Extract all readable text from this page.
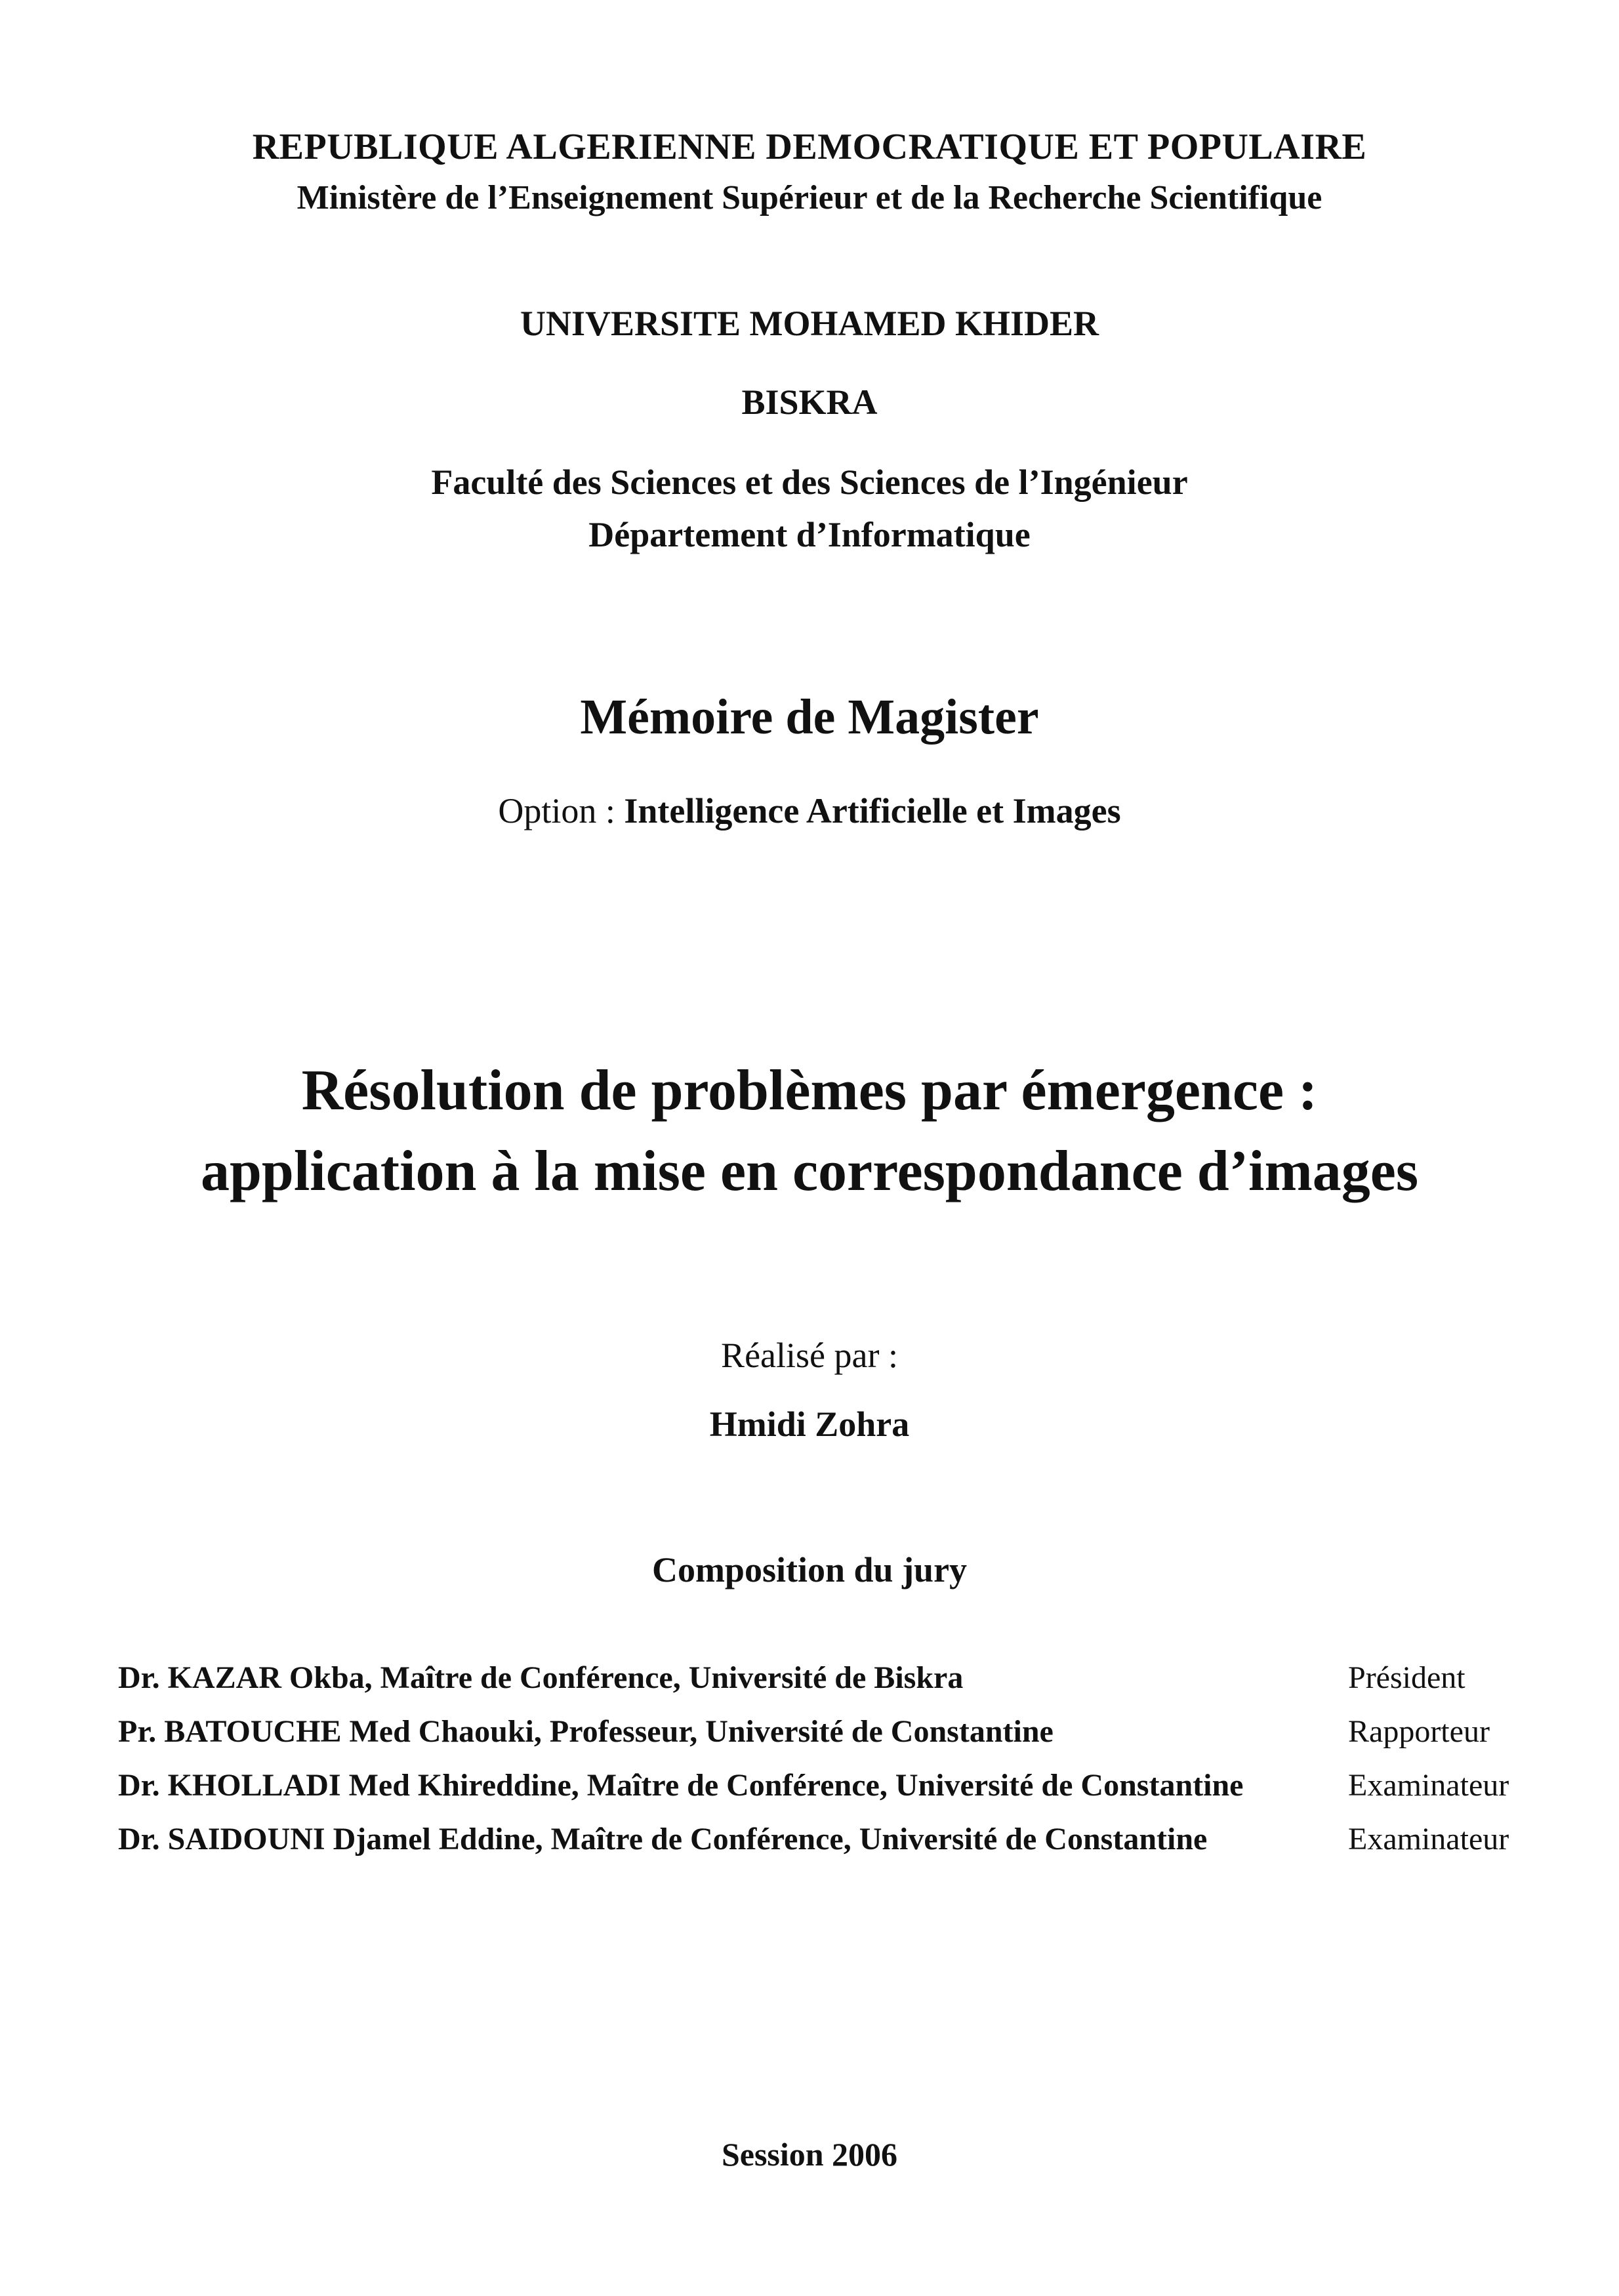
REPUBLIQUE ALGERIENNE DEMOCRATIQUE ET POPULAIRE
Ministère de l’Enseignement Supérieur et de la Recherche Scientifique
UNIVERSITE MOHAMED KHIDER
BISKRA
Faculté des Sciences et des Sciences de l’Ingénieur
Département d’Informatique
Mémoire de Magister
Option : Intelligence Artificielle et Images
Résolution de problèmes par émergence :
application à la mise en correspondance d’images
Réalisé par :
Hmidi Zohra
Composition du jury
Dr. KAZAR Okba, Maître de Conférence, Université de Biskra	Président
Pr. BATOUCHE Med Chaouki, Professeur, Université de Constantine	Rapporteur
Dr. KHOLLADI Med Khireddine, Maître de Conférence, Université de Constantine	Examinateur
Dr. SAIDOUNI Djamel Eddine, Maître de Conférence, Université de Constantine	Examinateur
Session 2006
